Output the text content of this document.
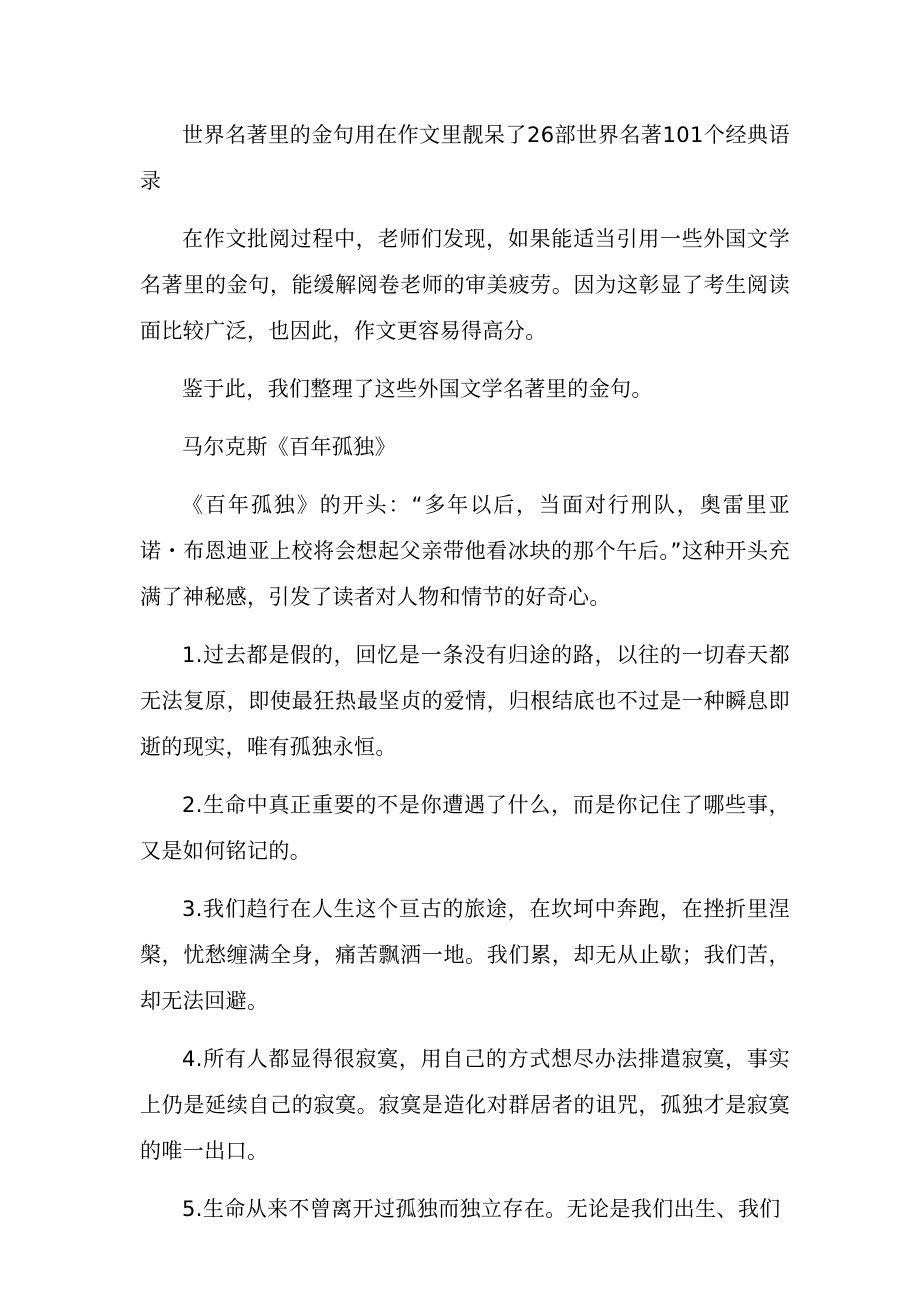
世界名著里的金句用在作文里靓呆了26部世界名著101个经典语录

在作文批阅过程中，老师们发现，如果能适当引用一些外国文学名著里的金句，能缓解阅卷老师的审美疲劳。因为这彰显了考生阅读面比较广泛，也因此，作文更容易得高分。

鉴于此，我们整理了这些外国文学名著里的金句。

马尔克斯《百年孤独》

《百年孤独》的开头：“多年以后，当面对行刑队，奥雷里亚诺・布恩迪亚上校将会想起父亲带他看冰块的那个午后。”这种开头充满了神秘感，引发了读者对人物和情节的好奇心。

1.过去都是假的，回忆是一条没有归途的路，以往的一切春天都无法复原，即使最狂热最坚贞的爱情，归根结底也不过是一种瞬息即逝的现实，唯有孤独永恒。

2.生命中真正重要的不是你遭遇了什么，而是你记住了哪些事，又是如何铭记的。

3.我们趋行在人生这个亘古的旅途，在坎坷中奔跑，在挫折里涅槃，忧愁缠满全身，痛苦飘洒一地。我们累，却无从止歇；我们苦，却无法回避。

4.所有人都显得很寂寞，用自己的方式想尽办法排遣寂寞，事实上仍是延续自己的寂寞。寂寞是造化对群居者的诅咒，孤独才是寂寞的唯一出口。

5.生命从来不曾离开过孤独而独立存在。无论是我们出生、我们
